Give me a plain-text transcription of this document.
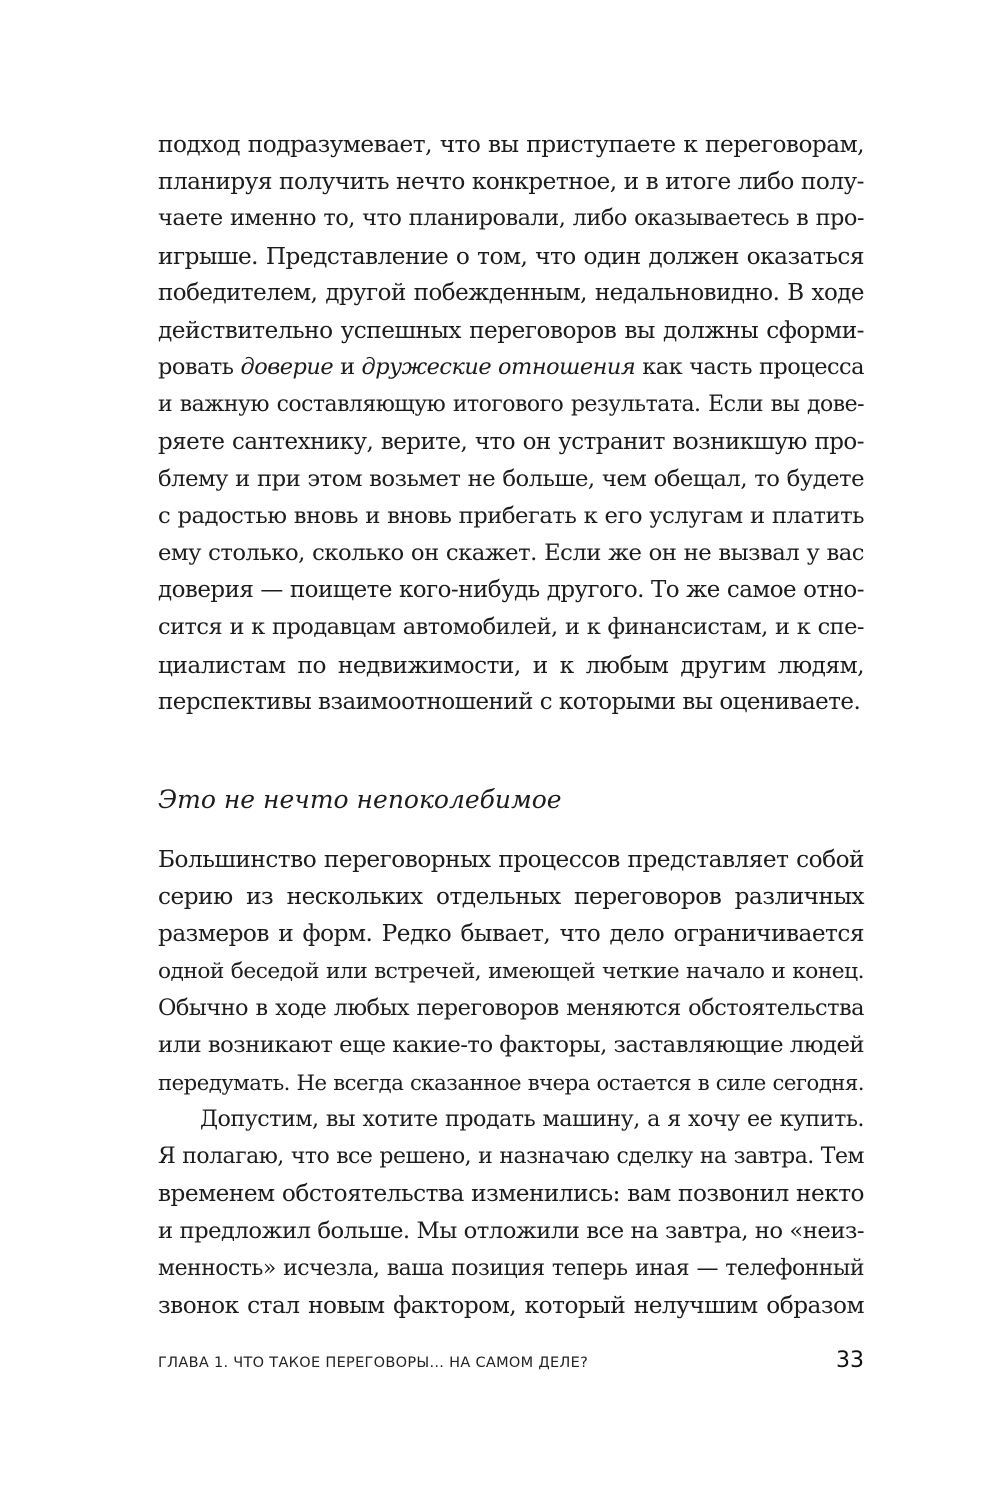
подход подразумевает, что вы приступаете к переговорам,
планируя получить нечто конкретное, и в итоге либо полу-
чаете именно то, что планировали, либо оказываетесь в про-
игрыше. Представление о том, что один должен оказаться
победителем, другой побежденным, недальновидно. В ходе
действительно успешных переговоров вы должны сформи-
ровать доверие и дружеские отношения как часть процесса
и важную составляющую итогового результата. Если вы дове-
ряете сантехнику, верите, что он устранит возникшую про-
блему и при этом возьмет не больше, чем обещал, то будете
с радостью вновь и вновь прибегать к его услугам и платить
ему столько, сколько он скажет. Если же он не вызвал у вас
доверия — поищете кого-нибудь другого. То же самое отно-
сится и к продавцам автомобилей, и к финансистам, и к спе-
циалистам по недвижимости, и к любым другим людям,
перспективы взаимоотношений с которыми вы оцениваете.
Это не нечто непоколебимое
Большинство переговорных процессов представляет собой
серию из нескольких отдельных переговоров различных
размеров и форм. Редко бывает, что дело ограничивается
одной беседой или встречей, имеющей четкие начало и конец.
Обычно в ходе любых переговоров меняются обстоятельства
или возникают еще какие-то факторы, заставляющие людей
передумать. Не всегда сказанное вчера остается в силе сегодня.
Допустим, вы хотите продать машину, а я хочу ее купить.
Я полагаю, что все решено, и назначаю сделку на завтра. Тем
временем обстоятельства изменились: вам позвонил некто
и предложил больше. Мы отложили все на завтра, но «неиз-
менность» исчезла, ваша позиция теперь иная — телефонный
звонок стал новым фактором, который нелучшим образом
ГЛАВА 1. ЧТО ТАКОЕ ПЕРЕГОВОРЫ... НА САМОМ ДЕЛЕ?	33
